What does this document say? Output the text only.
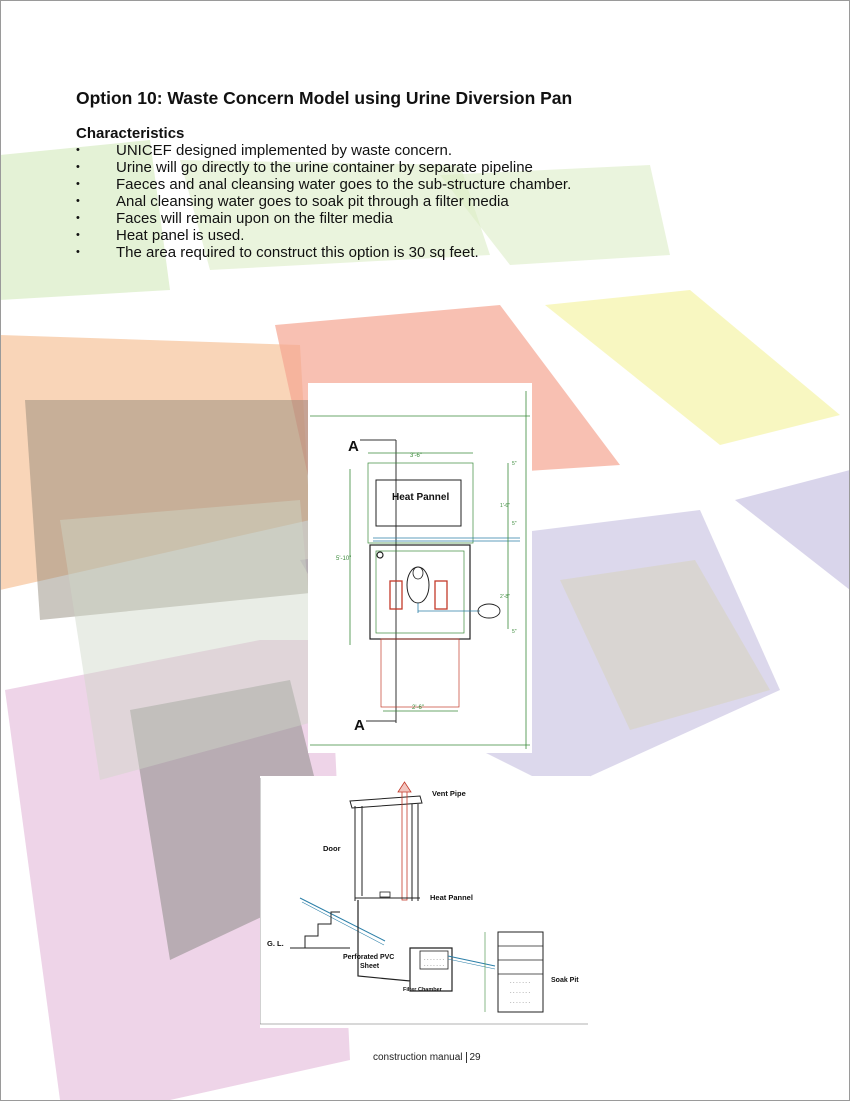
Option 10: Waste Concern Model using Urine Diversion Pan
Characteristics
• UNICEF designed implemented by waste concern.
• Urine will go directly to the urine container by separate pipeline
• Faeces and anal cleansing water goes to the sub-structure chamber.
• Anal cleansing water goes to soak pit through a filter media
• Faces will remain upon on the filter media
• Heat panel is used.
• The area required to construct this option is 30 sq feet.
A
A
3'-6"
Heat Pannel
5'-10"
2'-6"
5"
1'-6"
5"
2'-8"
5"
Vent Pipe
Door
Heat Pannel
G. L.
· · · · · · ·
· · · · · · ·
Perforated PVC Sheet
Filter Chamber
· · · · · · ·
· · · · · · ·
· · · · · · ·
Soak Pit
construction manual 29
